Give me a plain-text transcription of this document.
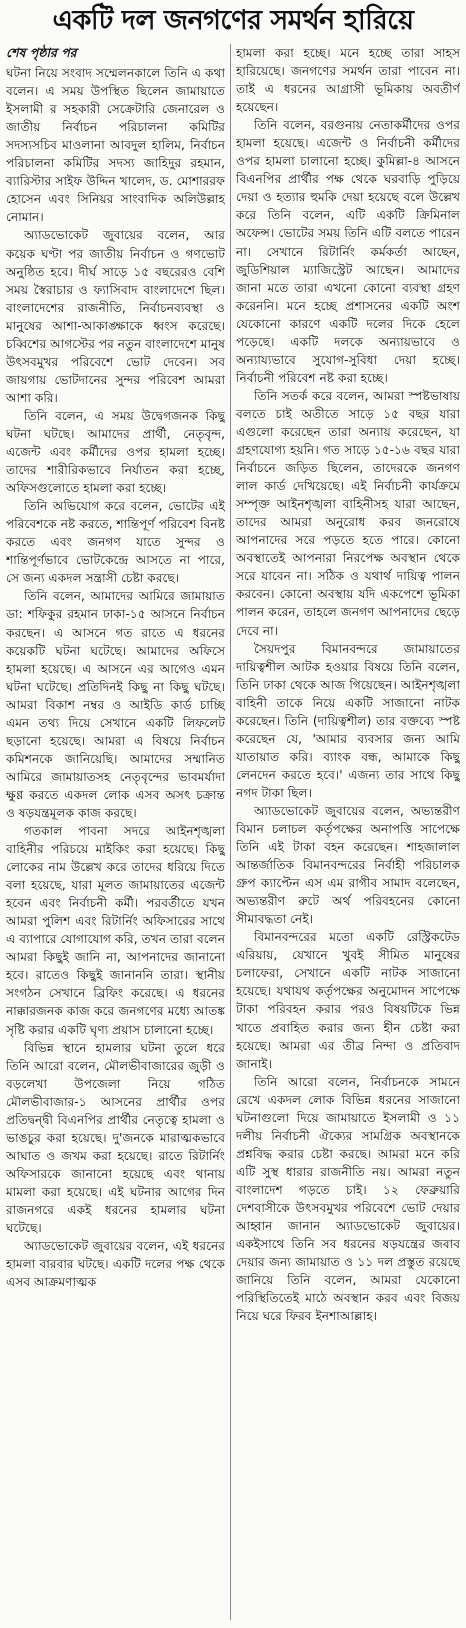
একটি দল জনগণের সমর্থন হারিয়ে
শেষ পৃষ্ঠার পর

ঘটনা নিয়ে সংবাদ সম্মেলনকালে তিনি এ কথা বলেন। এ সময় উপস্থিত ছিলেন জামায়াতে ইসলামী র সহকারী সেক্রেটারি জেনারেল ও জাতীয় নির্বাচন পরিচালনা কমিটির সদস্যসচিব মাওলানা আবদুল হালিম, নির্বাচন পরিচালনা কমিটির সদস্য জাহিদুর রহমান, ব্যারিস্টার সাইফ উদ্দিন খালেদ, ড. মোশাররফ হোসেন এবং সিনিয়র সাংবাদিক অলিউল্লাহ নোমান।

অ্যাডভোকেট জুবায়ের বলেন, আর কয়েক ঘণ্টা পর জাতীয় নির্বাচন ও গণভোট অনুষ্ঠিত হবে। দীর্ঘ সাড়ে ১৫ বছরেরও বেশি সময় স্বৈরাচার ও ফ্যাসিবাদ বাংলাদেশে ছিল। বাংলাদেশের রাজনীতি, নির্বাচনব্যবস্থা ও মানুষের আশা-আকাঙ্ক্ষাকে ধ্বংস করেছে। চব্বিশের আগস্টের পর নতুন বাংলাদেশে মানুষ উৎসবমুখর পরিবেশে ভোট দেবেন। সব জায়গায় ভোটদানের সুন্দর পরিবেশ আমরা আশা করি।

তিনি বলেন, এ সময় উদ্বেগজনক কিছু ঘটনা ঘটছে। আমাদের প্রার্থী, নেতৃবৃন্দ, এজেন্ট এবং কর্মীদের ওপর হামলা হচ্ছে। তাদের শারীরিকভাবে নির্যাতন করা হচ্ছে, অফিসগুলোতে হামলা করা হচ্ছে।

তিনি অভিযোগ করে বলেন, ভোটের এই পরিবেশকে নষ্ট করতে, শান্তিপূর্ণ পরিবেশ বিনষ্ট করতে এবং জনগণ যাতে সুন্দর ও শান্তিপূর্ণভাবে ভোটকেন্দ্রে আসতে না পারে, সে জন্য একদল সন্ত্রাসী চেষ্টা করছে।

তিনি বলেন, আমাদের আমিরে জামায়াত ডা: শফিকুর রহমান ঢাকা-১৫ আসনে নির্বাচন করছেন। এ আসনে গত রাতে এ ধরনের কয়েকটি ঘটনা ঘটেছে। আমাদের অফিসে হামলা হয়েছে। এ আসনে এর আগেও এমন ঘটনা ঘটেছে। প্রতিদিনই কিছু না কিছু ঘটছে। আমরা বিকাশ নম্বর ও আইডি কার্ড চাচ্ছি এমন তথ্য দিয়ে সেখানে একটি লিফলেট ছড়ানো হয়েছে। আমরা এ বিষয়ে নির্বাচন কমিশনকে জানিয়েছি। আমাদের সম্মানিত আমিরে জামায়াতসহ নেতৃবৃন্দের ভাবমর্যাদা ক্ষুণ্ণ করতে একদল লোক এসব অসৎ চক্রান্ত ও ষড়যন্ত্রমূলক কাজ করছে।

গতকাল পাবনা সদরে আইনশৃঙ্খলা বাহিনীর পরিচয়ে মাইকিং করা হয়েছে। কিছু লোকের নাম উল্লেখ করে তাদের ধরিয়ে দিতে বলা হয়েছে, যারা মূলত জামায়াতের এজেন্ট হবেন এবং নির্বাচনী কর্মী। পরবর্তীতে যখন আমরা পুলিশ এবং রিটার্নিং অফিসারের সাথে এ ব্যাপারে যোগাযোগ করি, তখন তারা বলেন আমরা কিছুই জানি না, আপনাদের জানানো হবে। রাতেও কিছুই জানাননি তারা। স্থানীয় সংগঠন সেখানে ব্রিফিং করেছে। এ ধরনের নাক্কারজনক কাজ করে জনগণের মধ্যে আতঙ্ক সৃষ্টি করার একটি ঘৃণ্য প্রয়াস চালানো হচ্ছে।

বিভিন্ন স্থানে হামলার ঘটনা তুলে ধরে তিনি আরো বলেন, মৌলভীবাজারের জুড়ী ও বড়লেখা উপজেলা নিয়ে গঠিত মৌলভীবাজার-১ আসনের প্রার্থীর ওপর প্রতিদ্বন্দ্বী বিএনপির প্রার্থীর নেতৃত্বে হামলা ও ভাঙচুর করা হয়েছে। দু'জনকে মারাত্মকভাবে আঘাত ও জখম করা হয়েছে। রাতে রিটার্নিং অফিসারকে জানানো হয়েছে এবং থানায় মামলা করা হয়েছে। এই ঘটনার আগের দিন রাজনগরে একই ধরনের হামলার ঘটনা ঘটেছে।

অ্যাডভোকেট জুবায়ের বলেন, এই ধরনের হামলা বারবার ঘটছে। একটি দলের পক্ষ থেকে এসব আক্রমণাত্মক

হামলা করা হচ্ছে। মনে হচ্ছে তারা সাহস হারিয়েছে। জনগণের সমর্থন তারা পাবেন না। তাই এ ধরনের আগ্রাসী ভূমিকায় অবতীর্ণ হয়েছেন।

তিনি বলেন, বরগুনায় নেতাকর্মীদের ওপর হামলা হয়েছে। এজেন্ট ও নির্বাচনী কর্মীদের ওপর হামলা চালানো হচ্ছে। কুমিল্লা-৪ আসনে বিএনপির প্রার্থীর পক্ষ থেকে ঘরবাড়ি পুড়িয়ে দেয়া ও হত্যার হুমকি দেয়া হয়েছে বলে উল্লেখ করে তিনি বলেন, এটি একটি ক্রিমিনাল অফেন্স। ভোটের সময় তিনি এটি বলতে পারেন না। সেখানে রিটার্নিং কর্মকর্তা আছেন, জুডিশিয়াল ম্যাজিস্ট্রেট আছেন। আমাদের জানা মতে তারা এখনো কোনো ব্যবস্থা গ্রহণ করেননি। মনে হচ্ছে প্রশাসনের একটি অংশ যেকোনো কারণে একটি দলের দিকে হেলে পড়েছে। একটি দলকে অন্যায়ভাবে ও অন্যায্যভাবে সুযোগ-সুবিধা দেয়া হচ্ছে। নির্বাচনী পরিবেশ নষ্ট করা হচ্ছে।

তিনি সতর্ক করে বলেন, আমরা স্পষ্টভাষায় বলতে চাই অতীতে সাড়ে ১৫ বছর যারা এগুলো করেছেন তারা অন্যায় করেছেন, যা গ্রহণযোগ্য হয়নি। গত সাড়ে ১৫-১৬ বছর যারা নির্বাচনে জড়িত ছিলেন, তাদেরকে জনগণ লাল কার্ড দেখিয়েছে। এই নির্বাচনী কার্যক্রমে সম্পৃক্ত আইনশৃঙ্খলা বাহিনীসহ যারা আছেন, তাদের আমরা অনুরোধ করব জনরোষে আপনাদের সরে পড়তে হতে পারে। কোনো অবস্থাতেই আপনারা নিরপেক্ষ অবস্থান থেকে সরে যাবেন না। সঠিক ও যথার্থ দায়িত্ব পালন করবেন। কোনো অবস্থায় যদি একপেশে ভূমিকা পালন করেন, তাহলে জনগণ আপনাদের ছেড়ে দেবে না।

সৈয়দপুর বিমানবন্দরে জামায়াতের দায়িত্বশীল আটক হওয়ার বিষয়ে তিনি বলেন, তিনি ঢাকা থেকে আজ গিয়েছেন। আইনশৃঙ্খলা বাহিনী তাকে নিয়ে একটি সাজানো নাটক করেছেন। তিনি (দায়িত্বশীল) তার বক্তব্যে স্পষ্ট করেছেন যে, 'আমার ব্যবসার জন্য আমি যাতায়াত করি। ব্যাংক বন্ধ, আমাকে কিছু লেনদেন করতে হবে।' এজন্য তার সাথে কিছু নগদ টাকা ছিল।

অ্যাডভোকেট জুবায়ের বলেন, অভ্যন্তরীণ বিমান চলাচল কর্তৃপক্ষের অনাপত্তি সাপেক্ষে তিনি এই টাকা বহন করেছেন। শাহজালাল আন্তর্জাতিক বিমানবন্দরের নির্বাহী পরিচালক গ্রুপ ক্যাপ্টেন এস এম রাগীব সামাদ বলেছেন, অভ্যন্তরীণ রুটে অর্থ পরিবহনের কোনো সীমাবদ্ধতা নেই।

বিমানবন্দরের মতো একটি রেস্ট্রিকটেড এরিয়ায়, যেখানে খুবই সীমিত মানুষের চলাফেরা, সেখানে একটি নাটক সাজানো হয়েছে। যথাযথ কর্তৃপক্ষের অনুমোদন সাপেক্ষে টাকা পরিবহন করার পরও বিষয়টিকে ভিন্ন খাতে প্রবাহিত করার জন্য হীন চেষ্টা করা হয়েছে। আমরা এর তীব্র নিন্দা ও প্রতিবাদ জানাই।

তিনি আরো বলেন, নির্বাচনকে সামনে রেখে একদল লোক বিভিন্ন ধরনের সাজানো ঘটনাগুলো দিয়ে জামায়াতে ইসলামী ও ১১ দলীয় নির্বাচনী ঐক্যের সামগ্রিক অবস্থানকে প্রশ্নবিদ্ধ করার চেষ্টা করছে। আমরা মনে করি এটি সুস্থ ধারার রাজনীতি নয়। আমরা নতুন বাংলাদেশ গড়তে চাই। ১২ ফেব্রুয়ারি দেশবাসীকে উৎসবমুখর পরিবেশে ভোট দেয়ার আহ্বান জানান অ্যাডভোকেট জুবায়ের। একইসাথে তিনি সব ধরনের ষড়যন্ত্রের জবাব দেয়ার জন্য জামায়াত ও ১১ দল প্রস্তুত রয়েছে জানিয়ে তিনি বলেন, আমরা যেকোনো পরিস্থিতিতেই মাঠে অবস্থান করব এবং বিজয় নিয়ে ঘরে ফিরব ইনশাআল্লাহ।
